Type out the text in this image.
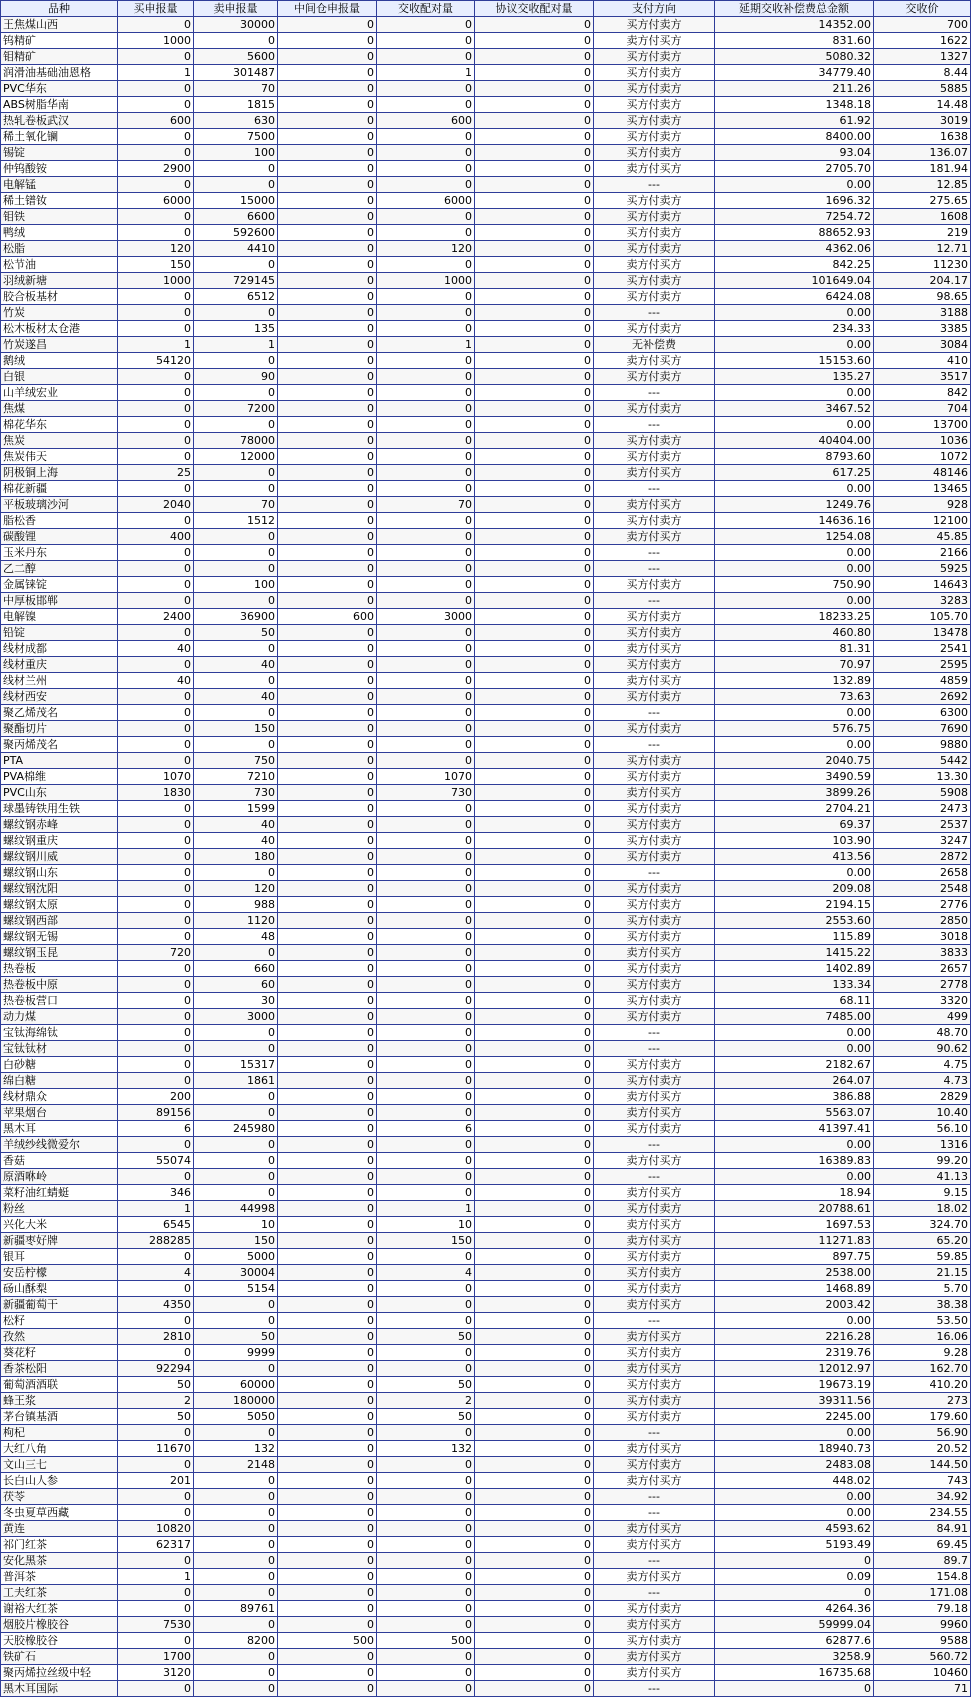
品种	买申报量	卖申报量	中间仓申报量	交收配对量	协议交收配对量	支付方向	延期交收补偿费总金额	交收价
王焦煤山西	0	30000	0	0	0	买方付卖方	14352.00	700
钨精矿	1000	0	0	0	0	卖方付买方	831.60	1622
钼精矿	0	5600	0	0	0	买方付卖方	5080.32	1327
润滑油基础油恩格	1	301487	0	1	0	买方付卖方	34779.40	8.44
PVC华东	0	70	0	0	0	买方付卖方	211.26	5885
ABS树脂华南	0	1815	0	0	0	买方付卖方	1348.18	14.48
热轧卷板武汉	600	630	0	600	0	买方付卖方	61.92	3019
稀土氧化镧	0	7500	0	0	0	买方付卖方	8400.00	1638
锡锭	0	100	0	0	0	买方付卖方	93.04	136.07
仲钨酸铵	2900	0	0	0	0	卖方付买方	2705.70	181.94
电解锰	0	0	0	0	0	---	0.00	12.85
稀土镨钕	6000	15000	0	6000	0	买方付卖方	1696.32	275.65
钼铁	0	6600	0	0	0	买方付卖方	7254.72	1608
鸭绒	0	592600	0	0	0	买方付卖方	88652.93	219
松脂	120	4410	0	120	0	买方付卖方	4362.06	12.71
松节油	150	0	0	0	0	卖方付买方	842.25	11230
羽绒新塘	1000	729145	0	1000	0	买方付卖方	101649.04	204.17
胶合板基材	0	6512	0	0	0	买方付卖方	6424.08	98.65
竹炭	0	0	0	0	0	---	0.00	3188
松木板材太仓港	0	135	0	0	0	买方付卖方	234.33	3385
竹炭遂昌	1	1	0	1	0	无补偿费	0.00	3084
鹅绒	54120	0	0	0	0	卖方付买方	15153.60	410
白银	0	90	0	0	0	买方付卖方	135.27	3517
山羊绒宏业	0	0	0	0	0	---	0.00	842
焦煤	0	7200	0	0	0	买方付卖方	3467.52	704
棉花华东	0	0	0	0	0	---	0.00	13700
焦炭	0	78000	0	0	0	买方付卖方	40404.00	1036
焦炭伟天	0	12000	0	0	0	买方付卖方	8793.60	1072
阴极铜上海	25	0	0	0	0	卖方付买方	617.25	48146
棉花新疆	0	0	0	0	0	---	0.00	13465
平板玻璃沙河	2040	70	0	70	0	卖方付买方	1249.76	928
脂松香	0	1512	0	0	0	买方付卖方	14636.16	12100
碳酸锂	400	0	0	0	0	卖方付买方	1254.08	45.85
玉米丹东	0	0	0	0	0	---	0.00	2166
乙二醇	0	0	0	0	0	---	0.00	5925
金属铼锭	0	100	0	0	0	买方付卖方	750.90	14643
中厚板邯郸	0	0	0	0	0	---	0.00	3283
电解镍	2400	36900	600	3000	0	买方付卖方	18233.25	105.70
铅锭	0	50	0	0	0	买方付卖方	460.80	13478
线材成都	40	0	0	0	0	卖方付买方	81.31	2541
线材重庆	0	40	0	0	0	买方付卖方	70.97	2595
线材兰州	40	0	0	0	0	卖方付买方	132.89	4859
线材西安	0	40	0	0	0	买方付卖方	73.63	2692
聚乙烯茂名	0	0	0	0	0	---	0.00	6300
聚酯切片	0	150	0	0	0	买方付卖方	576.75	7690
聚丙烯茂名	0	0	0	0	0	---	0.00	9880
PTA	0	750	0	0	0	买方付卖方	2040.75	5442
PVA棉维	1070	7210	0	1070	0	买方付卖方	3490.59	13.30
PVC山东	1830	730	0	730	0	卖方付买方	3899.26	5908
球墨铸铁用生铁	0	1599	0	0	0	买方付卖方	2704.21	2473
螺纹钢赤峰	0	40	0	0	0	买方付卖方	69.37	2537
螺纹钢重庆	0	40	0	0	0	买方付卖方	103.90	3247
螺纹钢川威	0	180	0	0	0	买方付卖方	413.56	2872
螺纹钢山东	0	0	0	0	0	---	0.00	2658
螺纹钢沈阳	0	120	0	0	0	买方付卖方	209.08	2548
螺纹钢太原	0	988	0	0	0	买方付卖方	2194.15	2776
螺纹钢西部	0	1120	0	0	0	买方付卖方	2553.60	2850
螺纹钢无锡	0	48	0	0	0	买方付卖方	115.89	3018
螺纹钢玉昆	720	0	0	0	0	卖方付买方	1415.22	3833
热卷板	0	660	0	0	0	买方付卖方	1402.89	2657
热卷板中原	0	60	0	0	0	买方付卖方	133.34	2778
热卷板营口	0	30	0	0	0	买方付卖方	68.11	3320
动力煤	0	3000	0	0	0	买方付卖方	7485.00	499
宝钛海绵钛	0	0	0	0	0	---	0.00	48.70
宝钛钛材	0	0	0	0	0	---	0.00	90.62
白砂糖	0	15317	0	0	0	买方付卖方	2182.67	4.75
绵白糖	0	1861	0	0	0	买方付卖方	264.07	4.73
线材鼎众	200	0	0	0	0	卖方付买方	386.88	2829
苹果烟台	89156	0	0	0	0	卖方付买方	5563.07	10.40
黑木耳	6	245980	0	6	0	买方付卖方	41397.41	56.10
羊绒纱线微爱尔	0	0	0	0	0	---	0.00	1316
香菇	55074	0	0	0	0	卖方付买方	16389.83	99.20
原酒咻岭	0	0	0	0	0	---	0.00	41.13
菜籽油红蜻蜓	346	0	0	0	0	卖方付买方	18.94	9.15
粉丝	1	44998	0	1	0	买方付卖方	20788.61	18.02
兴化大米	6545	10	0	10	0	卖方付买方	1697.53	324.70
新疆枣好牌	288285	150	0	150	0	卖方付买方	11271.83	65.20
银耳	0	5000	0	0	0	买方付卖方	897.75	59.85
安岳柠檬	4	30004	0	4	0	买方付卖方	2538.00	21.15
砀山酥梨	0	5154	0	0	0	买方付卖方	1468.89	5.70
新疆葡萄干	4350	0	0	0	0	卖方付买方	2003.42	38.38
松籽	0	0	0	0	0	---	0.00	53.50
孜然	2810	50	0	50	0	卖方付买方	2216.28	16.06
葵花籽	0	9999	0	0	0	买方付卖方	2319.76	9.28
香茶松阳	92294	0	0	0	0	卖方付买方	12012.97	162.70
葡萄酒酒联	50	60000	0	50	0	买方付卖方	19673.19	410.20
蜂王浆	2	180000	0	2	0	买方付卖方	39311.56	273
茅台镇基酒	50	5050	0	50	0	买方付卖方	2245.00	179.60
枸杞	0	0	0	0	0	---	0.00	56.90
大红八角	11670	132	0	132	0	卖方付买方	18940.73	20.52
文山三七	0	2148	0	0	0	买方付卖方	2483.08	144.50
长白山人参	201	0	0	0	0	卖方付买方	448.02	743
茯苓	0	0	0	0	0	---	0.00	34.92
冬虫夏草西藏	0	0	0	0	0	---	0.00	234.55
黄连	10820	0	0	0	0	卖方付买方	4593.62	84.91
祁门红茶	62317	0	0	0	0	卖方付买方	5193.49	69.45
安化黑茶	0	0	0	0	0	---	0	89.7
普洱茶	1	0	0	0	0	卖方付买方	0.09	154.8
工夫红茶	0	0	0	0	0	---	0	171.08
谢裕大红茶	0	89761	0	0	0	买方付卖方	4264.36	79.18
烟胶片橡胶谷	7530	0	0	0	0	卖方付买方	59999.04	9960
天胶橡胶谷	0	8200	500	500	0	买方付卖方	62877.6	9588
铁矿石	1700	0	0	0	0	卖方付买方	3258.9	560.72
聚丙烯拉丝级中轻	3120	0	0	0	0	卖方付买方	16735.68	10460
黑木耳国际	0	0	0	0	0	---	0	71
